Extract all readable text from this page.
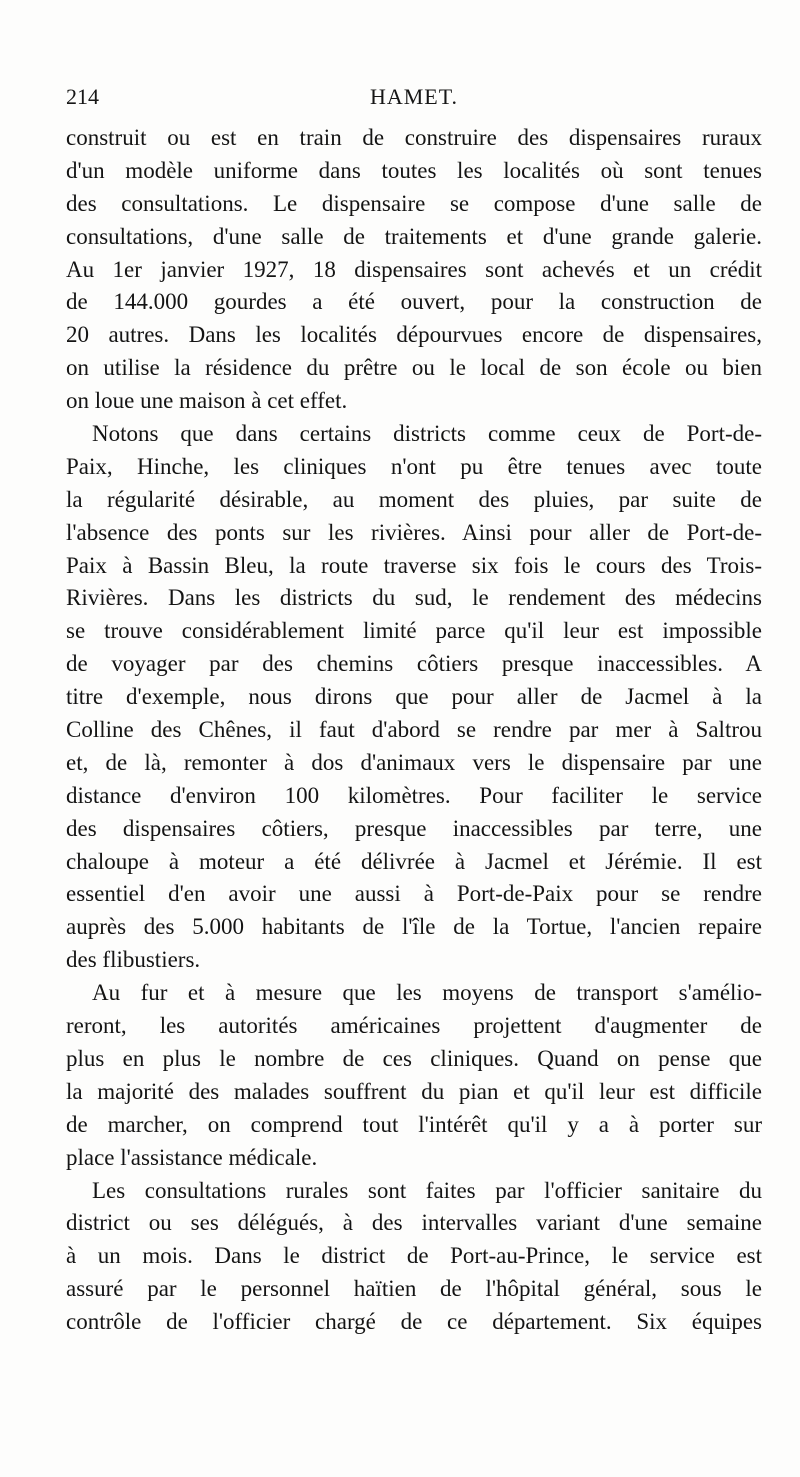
214	HAMET.

construit ou est en train de construire des dispensaires ruraux

d'un modèle uniforme dans toutes les localités où sont tenues

des consultations. Le dispensaire se compose d'une salle de

consultations, d'une salle de traitements et d'une grande galerie.

Au 1er janvier 1927, 18 dispensaires sont achevés et un crédit

de 144.000 gourdes a été ouvert, pour la construction de

20 autres. Dans les localités dépourvues encore de dispensaires,

on utilise la résidence du prêtre ou le local de son école ou bien

on loue une maison à cet effet.

Notons que dans certains districts comme ceux de Port-de-

Paix, Hinche, les cliniques n'ont pu être tenues avec toute

la régularité désirable, au moment des pluies, par suite de

l'absence des ponts sur les rivières. Ainsi pour aller de Port-de-

Paix à Bassin Bleu, la route traverse six fois le cours des Trois-

Rivières. Dans les districts du sud, le rendement des médecins

se trouve considérablement limité parce qu'il leur est impossible

de voyager par des chemins côtiers presque inaccessibles. A

titre d'exemple, nous dirons que pour aller de Jacmel à la

Colline des Chênes, il faut d'abord se rendre par mer à Saltrou

et, de là, remonter à dos d'animaux vers le dispensaire par une

distance d'environ 100 kilomètres. Pour faciliter le service

des dispensaires côtiers, presque inaccessibles par terre, une

chaloupe à moteur a été délivrée à Jacmel et Jérémie. Il est

essentiel d'en avoir une aussi à Port-de-Paix pour se rendre

auprès des 5.000 habitants de l'île de la Tortue, l'ancien repaire

des flibustiers.

Au fur et à mesure que les moyens de transport s'amélio-

reront, les autorités américaines projettent d'augmenter de

plus en plus le nombre de ces cliniques. Quand on pense que

la majorité des malades souffrent du pian et qu'il leur est difficile

de marcher, on comprend tout l'intérêt qu'il y a à porter sur

place l'assistance médicale.

Les consultations rurales sont faites par l'officier sanitaire du

district ou ses délégués, à des intervalles variant d'une semaine

à un mois. Dans le district de Port-au-Prince, le service est

assuré par le personnel haïtien de l'hôpital général, sous le

contrôle de l'officier chargé de ce département. Six équipes
